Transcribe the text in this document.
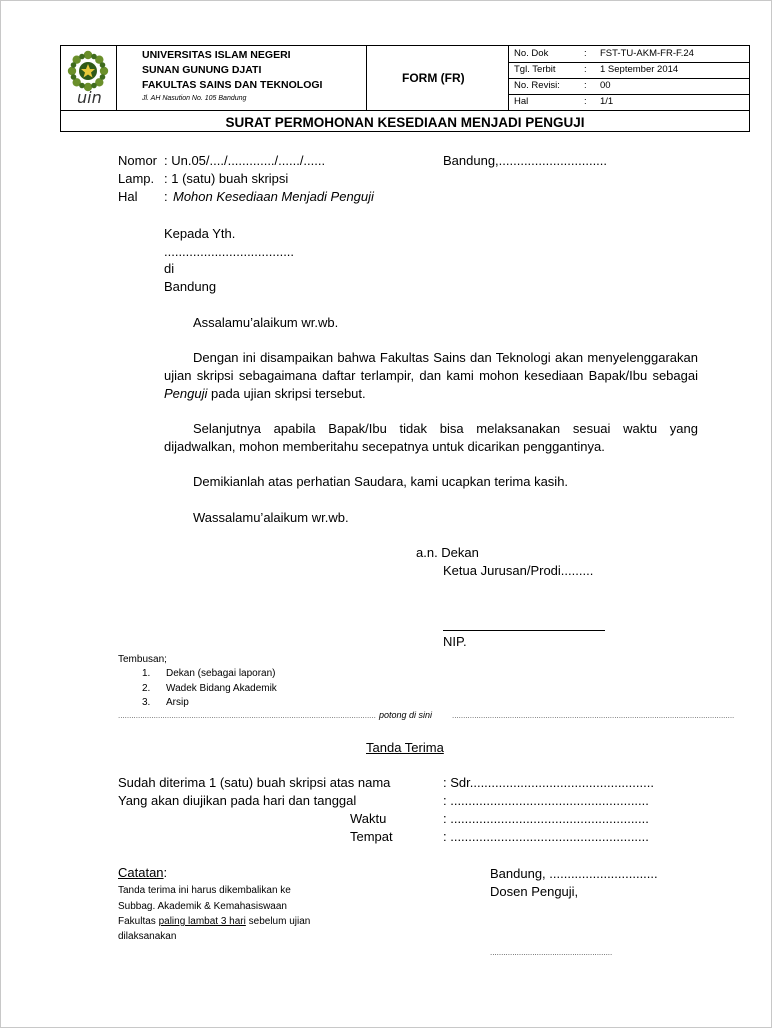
uin
UNIVERSITAS ISLAM NEGERI
SUNAN GUNUNG DJATI
FAKULTAS SAINS DAN TEKNOLOGI
Jl. AH Nasution No. 105 Bandung
FORM (FR)
No. Dok	: FST-TU-AKM-FR-F.24
Tgl. Terbit	: 1 September 2014
No. Revisi:	: 00
Hal	: 1/1
SURAT PERMOHONAN KESEDIAAN MENJADI PENGUJI
Nomor : Un.05/..../............./....../......	Bandung,..............................
Lamp. : 1 (satu) buah skripsi
Hal : Mohon Kesediaan Menjadi Penguji
Kepada Yth.
....................................
di
Bandung
Assalamu’alaikum wr.wb.
Dengan ini disampaikan bahwa Fakultas Sains dan Teknologi akan menyelenggarakan ujian skripsi sebagaimana daftar terlampir, dan kami mohon kesediaan Bapak/Ibu sebagai Penguji pada ujian skripsi tersebut.
Selanjutnya apabila Bapak/Ibu tidak bisa melaksanakan sesuai waktu yang dijadwalkan, mohon memberitahu secepatnya untuk dicarikan penggantinya.
Demikianlah atas perhatian Saudara, kami ucapkan terima kasih.
Wassalamu’alaikum wr.wb.
a.n. Dekan
Ketua Jurusan/Prodi.........
NIP.
Tembusan;
1. Dekan (sebagai laporan)
2. Wadek Bidang Akademik
3. Arsip
.................................................................................................................... potong di sini ...............................................................................................................................
Tanda Terima
Sudah diterima 1 (satu) buah skripsi atas nama	: Sdr...................................................
Yang akan diujikan pada hari dan tanggal	: .......................................................
Waktu	: .......................................................
Tempat	: .......................................................
Catatan:
Tanda terima ini harus dikembalikan ke
Subbag. Akademik & Kemahasiswaan
Fakultas paling lambat 3 hari sebelum ujian
dilaksanakan
Bandung, ..............................
Dosen Penguji,
.......................................................
